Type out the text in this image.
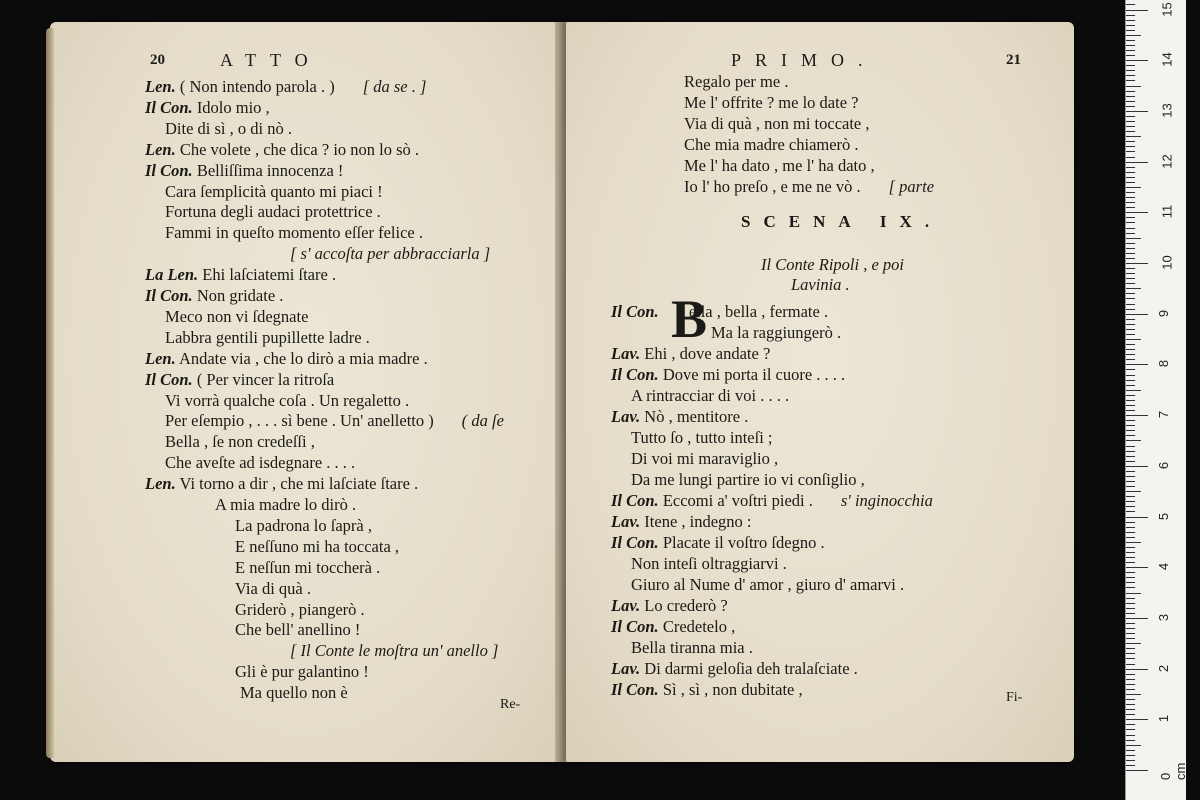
20	ATTO
Len. ( Non intendo parola . ) [ da se . ]
Il Con. Idolo mio ,
Dite di sì , o di nò .
Len. Che volete , che dica ? io non lo sò .
Il Con. Belliſſima innocenza !
Cara ſemplicità quanto mi piaci !
Fortuna degli audaci protettrice .
Fammi in queſto momento eſſer felice .
[ s' accoſta per abbracciarla ]
La Len. Ehi laſciatemi ſtare .
Il Con. Non gridate .
Meco non vi ſdegnate
Labbra gentili pupillette ladre .
Len. Andate via , che lo dirò a mia madre .
Il Con. ( Per vincer la ritroſa
Vi vorrà qualche coſa . Un regaletto .
Per eſempio , . . . sì bene . Un' anelletto ) ( da ſe
Bella , ſe non credeſſi ,
Che aveſte ad isdegnare . . . .
Len. Vi torno a dir , che mi laſciate ſtare .
A mia madre lo dirò .
La padrona lo ſaprà ,
E neſſuno mi ha toccata ,
E neſſun mi toccherà .
Via di quà .
Griderò , piangerò .
Che bell' anellino !
[ Il Conte le moſtra un' anello ]
Gli è pur galantino !
Ma quello non è
Re-
PRIMO.	21
Regalo per me .
Me l' offrite ? me lo date ?
Via di quà , non mi toccate ,
Che mia madre chiamerò .
Me l' ha dato , me l' ha dato ,
Io l' ho preſo , e me ne vò . [ parte
SCENA IX.
Il Conte Ripoli , e poi
Lavinia .
B
Il Con. ella , bella , fermate .
Ma la raggiungerò .
Lav. Ehi , dove andate ?
Il Con. Dove mi porta il cuore . . . .
A rintracciar di voi . . . .
Lav. Nò , mentitore .
Tutto ſo , tutto inteſi ;
Di voi mi maraviglio ,
Da me lungi partire io vi conſiglio ,
Il Con. Eccomi a' voſtri piedi . s' inginocchia
Lav. Itene , indegno :
Il Con. Placate il voſtro ſdegno .
Non inteſi oltraggiarvi .
Giuro al Nume d' amor , giuro d' amarvi .
Lav. Lo crederò ?
Il Con. Credetelo ,
Bella tiranna mia .
Lav. Di darmi geloſia deh tralaſciate .
Il Con. Sì , sì , non dubitate ,	Fi-
0 cm
1
2
3
4
5
6
7
8
9
10
11
12
13
14
15
